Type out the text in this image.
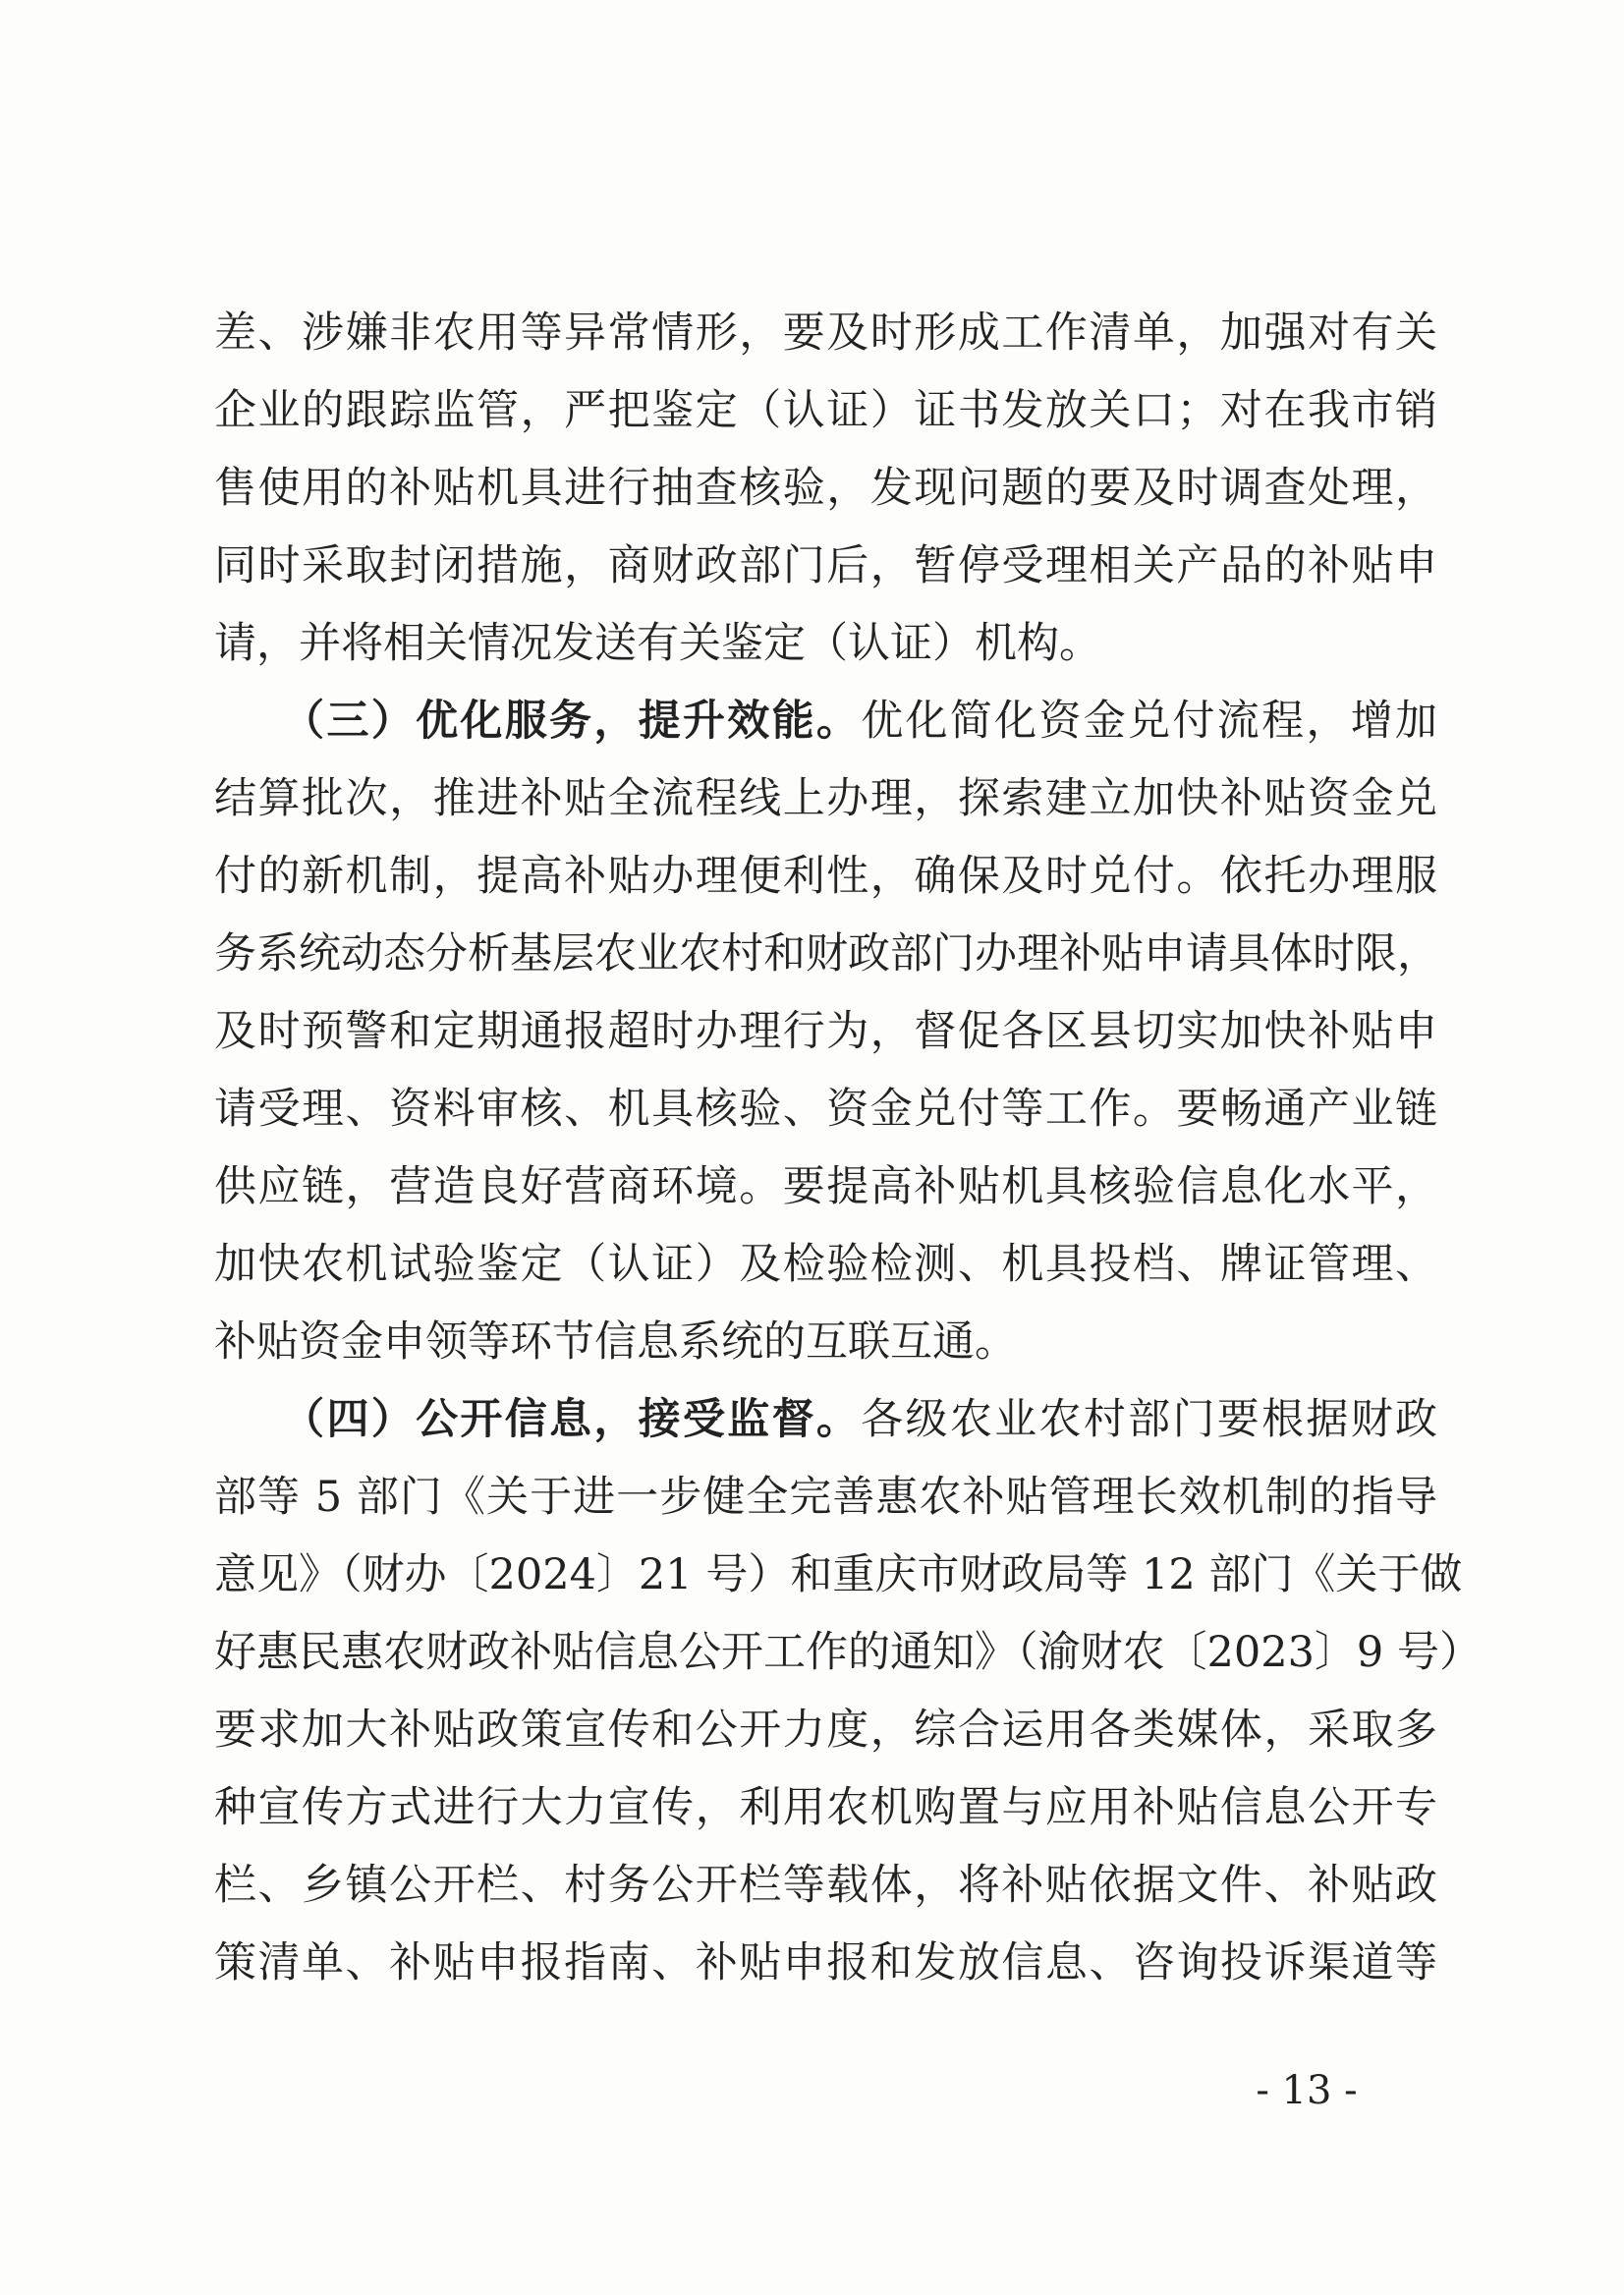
差、涉嫌非农用等异常情形，要及时形成工作清单，加强对有关
企业的跟踪监管，严把鉴定（认证）证书发放关口；对在我市销
售使用的补贴机具进行抽查核验，发现问题的要及时调查处理，
同时采取封闭措施，商财政部门后，暂停受理相关产品的补贴申
请，并将相关情况发送有关鉴定（认证）机构。
　　（三）优化服务，提升效能。优化简化资金兑付流程，增加
结算批次，推进补贴全流程线上办理，探索建立加快补贴资金兑
付的新机制，提高补贴办理便利性，确保及时兑付。依托办理服
务系统动态分析基层农业农村和财政部门办理补贴申请具体时限，
及时预警和定期通报超时办理行为，督促各区县切实加快补贴申
请受理、资料审核、机具核验、资金兑付等工作。要畅通产业链
供应链，营造良好营商环境。要提高补贴机具核验信息化水平，
加快农机试验鉴定（认证）及检验检测、机具投档、牌证管理、
补贴资金申领等环节信息系统的互联互通。
　　（四）公开信息，接受监督。各级农业农村部门要根据财政
部等 5 部门《关于进一步健全完善惠农补贴管理长效机制的指导
意见》（财办〔2024〕21 号）和重庆市财政局等 12 部门《关于做
好惠民惠农财政补贴信息公开工作的通知》（渝财农〔2023〕9 号）
要求加大补贴政策宣传和公开力度，综合运用各类媒体，采取多
种宣传方式进行大力宣传，利用农机购置与应用补贴信息公开专
栏、乡镇公开栏、村务公开栏等载体，将补贴依据文件、补贴政
策清单、补贴申报指南、补贴申报和发放信息、咨询投诉渠道等
- 13 -
